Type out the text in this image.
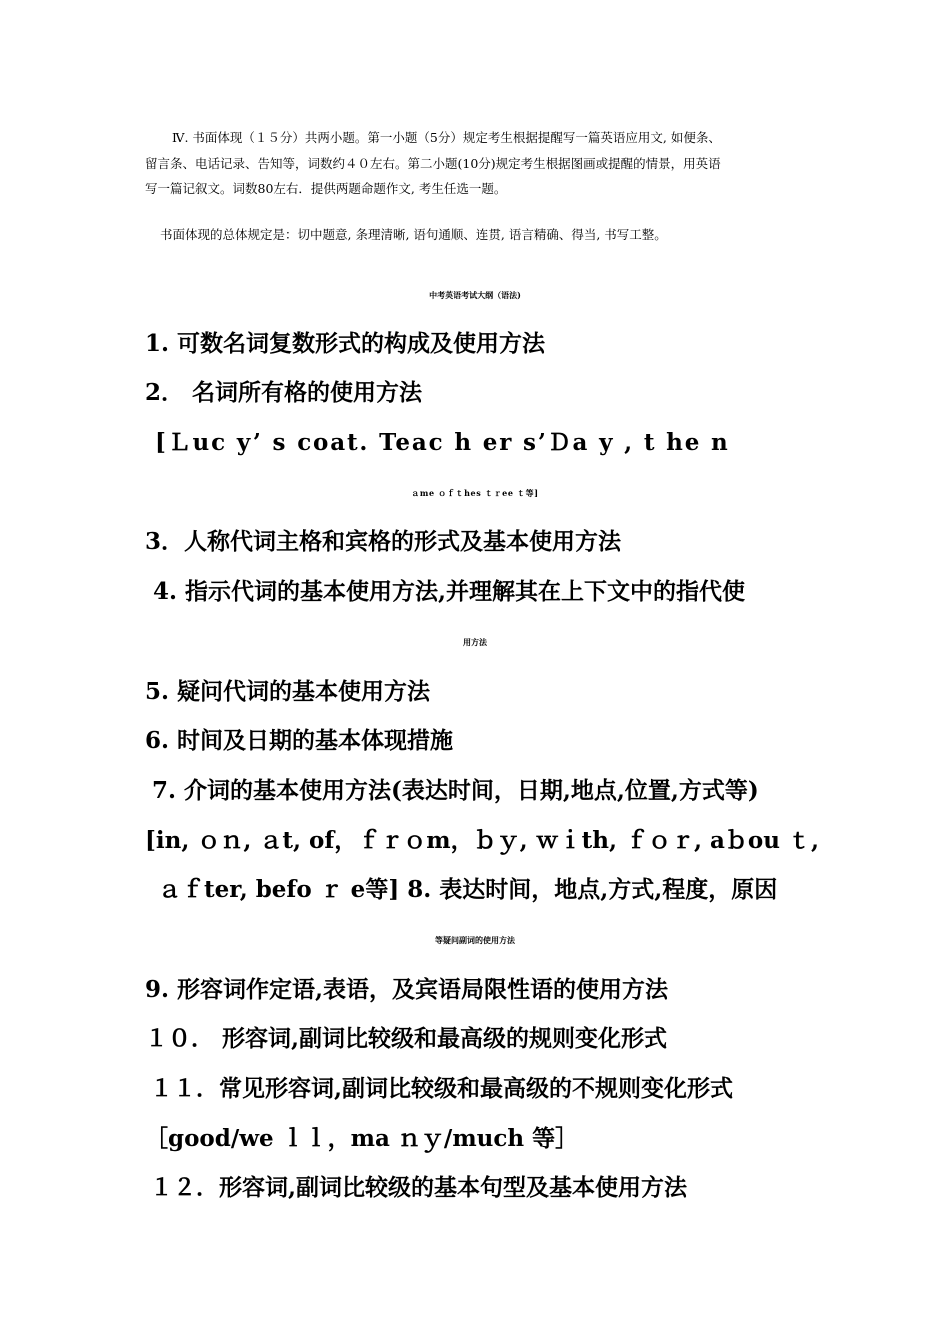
Ⅳ. 书面体现（１５分）共两小题。第一小题（5分）规定考生根据提醒写一篇英语应用文, 如便条、
留言条、电话记录、告知等，词数约４０左右。第二小题(10分)规定考生根据图画或提醒的情景，用英语
写一篇记叙文。词数80左右．提供两题命题作文, 考生任选一题。
书面体现的总体规定是：切中题意, 条理清晰, 语句通顺、连贯, 语言精确、得当, 书写工整。
中考英语考试大纲（语法)
1. 可数名词复数形式的构成及使用方法
2． 名词所有格的使用方法
[Ｌuc y’ s coat. Teac h er s’Ｄa y , t he n
ａme ｏｆｔhes ｔｒee ｔ等]
3．人称代词主格和宾格的形式及基本使用方法
4. 指示代词的基本使用方法,并理解其在上下文中的指代使
用方法
5. 疑问代词的基本使用方法
6. 时间及日期的基本体现措施
7. 介词的基本使用方法(表达时间，日期,地点,位置,方式等)
[in, ｏｎ, ａt, of，ｆｒｏm，ｂｙ, ｗｉth, ｆｏｒ, aｂou ｔ,
ａｆter, befo ｒ e等] 8. 表达时间，地点,方式,程度，原因
等疑问副词的使用方法
9. 形容词作定语,表语，及宾语局限性语的使用方法
１０． 形容词,副词比较级和最高级的规则变化形式
１１．常见形容词,副词比较级和最高级的不规则变化形式
［good/we ｌｌ，ma ｎｙ/much 等］
１２．形容词,副词比较级的基本句型及基本使用方法
